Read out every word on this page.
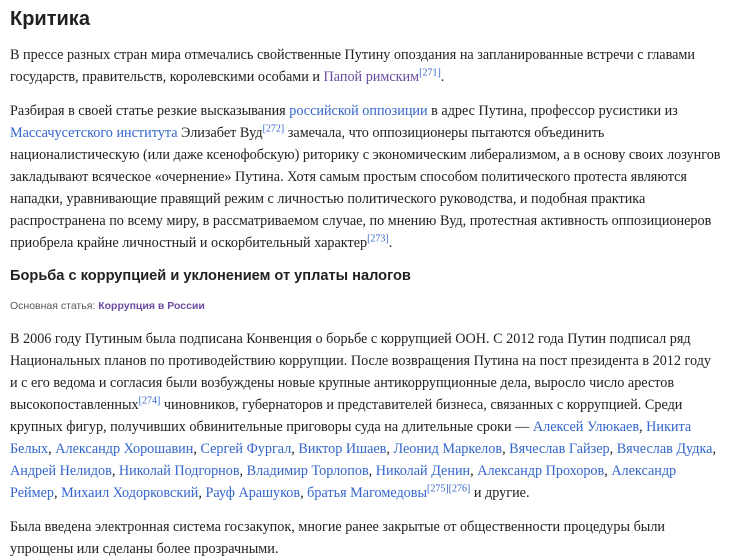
Критика

В прессе разных стран мира отмечались свойственные Путину опоздания на запланированные встречи с главами государств, правительств, королевскими особами и Папой римским[271].

Разбирая в своей статье резкие высказывания российской оппозиции в адрес Путина, профессор русистики из Массачусетского института Элизабет Вуд[272] замечала, что оппозиционеры пытаются объединить националистическую (или даже ксенофобскую) риторику с экономическим либерализмом, а в основу своих лозунгов закладывают всяческое «очернение» Путина. Хотя самым простым способом политического протеста являются нападки, уравнивающие правящий режим с личностью политического руководства, и подобная практика распространена по всему миру, в рассматриваемом случае, по мнению Вуд, протестная активность оппозиционеров приобрела крайне личностный и оскорбительный характер[273].

Борьба с коррупцией и уклонением от уплаты налогов
Основная статья: Коррупция в России

В 2006 году Путиным была подписана Конвенция о борьбе с коррупцией ООН. С 2012 года Путин подписал ряд Национальных планов по противодействию коррупции. После возвращения Путина на пост президента в 2012 году и с его ведома и согласия были возбуждены новые крупные антикоррупционные дела, выросло число арестов высокопоставленных[274] чиновников, губернаторов и представителей бизнеса, связанных с коррупцией. Среди крупных фигур, получивших обвинительные приговоры суда на длительные сроки — Алексей Улюкаев, Никита Белых, Александр Хорошавин, Сергей Фургал, Виктор Ишаев, Леонид Маркелов, Вячеслав Гайзер, Вячеслав Дудка, Андрей Нелидов, Николай Подгорнов, Владимир Торлопов, Николай Денин, Александр Прохоров, Александр Реймер, Михаил Ходорковский, Рауф Арашуков, братья Магомедовы[275][276] и другие.

Была введена электронная система госзакупок, многие ранее закрытые от общественности процедуры были упрощены или сделаны более прозрачными.
